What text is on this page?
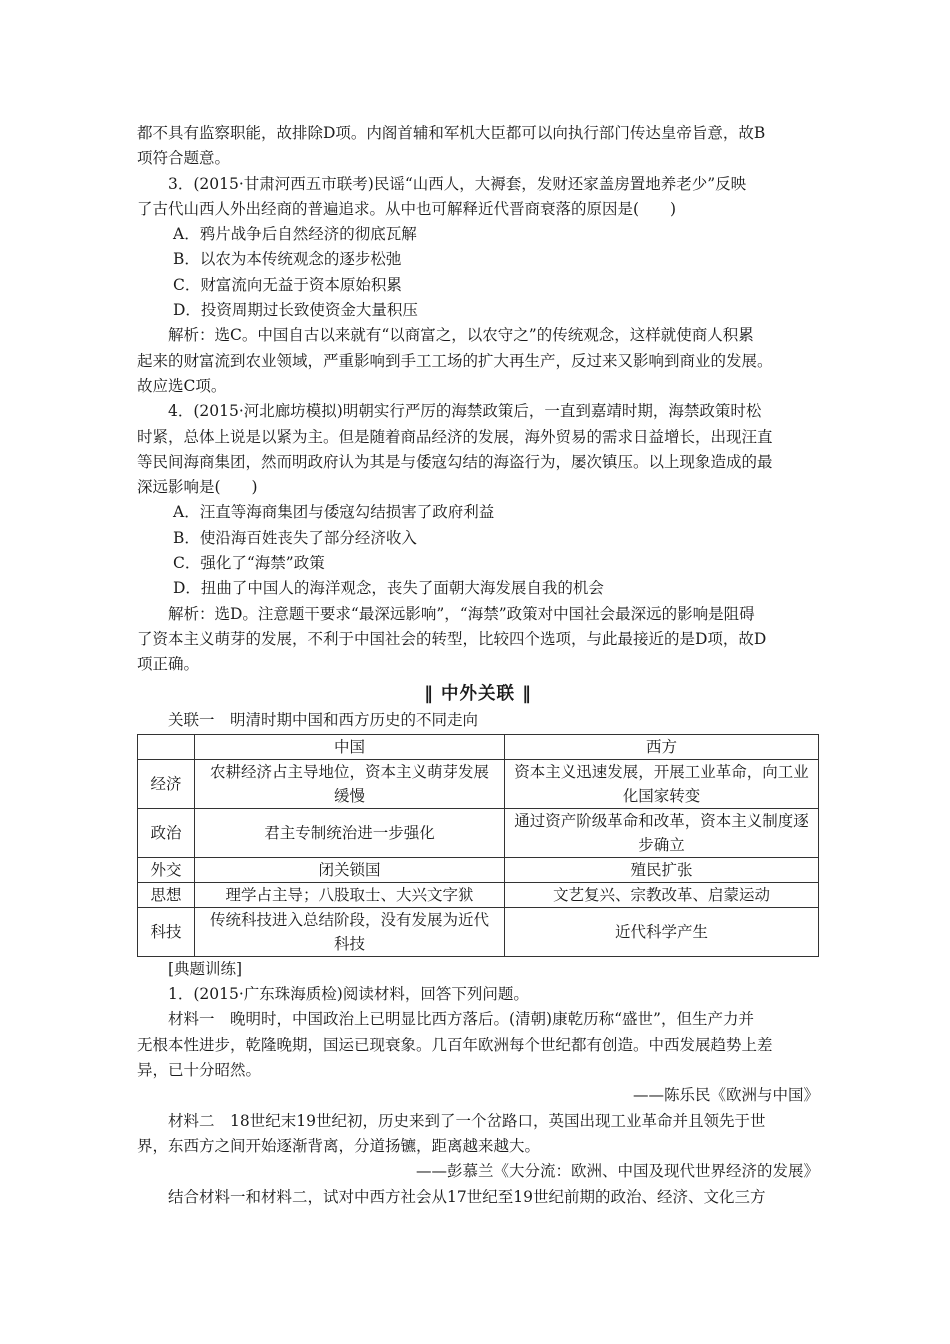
都不具有监察职能，故排除D项。内阁首辅和军机大臣都可以向执行部门传达皇帝旨意，故B

项符合题意。

3．(2015·甘肃河西五市联考)民谣“山西人，大褥套，发财还家盖房置地养老少”反映

了古代山西人外出经商的普遍追求。从中也可解释近代晋商衰落的原因是(　　)

A．鸦片战争后自然经济的彻底瓦解

B．以农为本传统观念的逐步松弛

C．财富流向无益于资本原始积累

D．投资周期过长致使资金大量积压

解析：选C。中国自古以来就有“以商富之，以农守之”的传统观念，这样就使商人积累

起来的财富流到农业领域，严重影响到手工工场的扩大再生产，反过来又影响到商业的发展。

故应选C项。

4．(2015·河北廊坊模拟)明朝实行严厉的海禁政策后，一直到嘉靖时期，海禁政策时松

时紧，总体上说是以紧为主。但是随着商品经济的发展，海外贸易的需求日益增长，出现汪直

等民间海商集团，然而明政府认为其是与倭寇勾结的海盗行为，屡次镇压。以上现象造成的最

深远影响是(　　)

A．汪直等海商集团与倭寇勾结损害了政府利益

B．使沿海百姓丧失了部分经济收入

C．强化了“海禁”政策

D．扭曲了中国人的海洋观念，丧失了面朝大海发展自我的机会

解析：选D。注意题干要求“最深远影响”，“海禁”政策对中国社会最深远的影响是阻碍

了资本主义萌芽的发展，不利于中国社会的转型，比较四个选项，与此最接近的是D项，故D

项正确。

‖ 中外关联 ‖

关联一　明清时期中国和西方历史的不同走向

	中国	西方
经济	农耕经济占主导地位，资本主义萌芽发展缓慢	资本主义迅速发展，开展工业革命，向工业化国家转变
政治	君主专制统治进一步强化	通过资产阶级革命和改革，资本主义制度逐步确立
外交	闭关锁国	殖民扩张
思想	理学占主导；八股取士、大兴文字狱	文艺复兴、宗教改革、启蒙运动
科技	传统科技进入总结阶段，没有发展为近代科技	近代科学产生

[典题训练]

1．(2015·广东珠海质检)阅读材料，回答下列问题。

材料一　晚明时，中国政治上已明显比西方落后。(清朝)康乾历称“盛世”，但生产力并

无根本性进步，乾隆晚期，国运已现衰象。几百年欧洲每个世纪都有创造。中西发展趋势上差

异，已十分昭然。

——陈乐民《欧洲与中国》

材料二　18世纪末19世纪初，历史来到了一个岔路口，英国出现工业革命并且领先于世

界，东西方之间开始逐渐背离，分道扬镳，距离越来越大。

——彭慕兰《大分流：欧洲、中国及现代世界经济的发展》

结合材料一和材料二，试对中西方社会从17世纪至19世纪前期的政治、经济、文化三方
